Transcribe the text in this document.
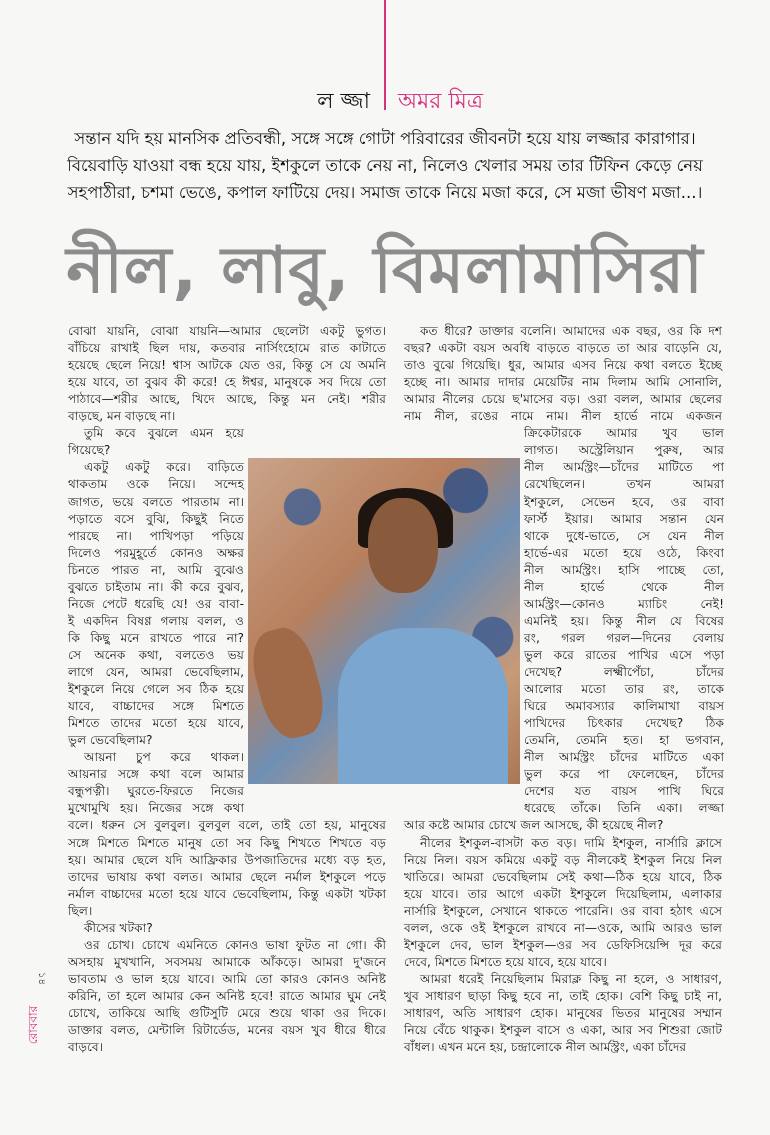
ল জ্জা অমর মিত্র
সন্তান যদি হয় মানসিক প্রতিবন্ধী, সঙ্গে সঙ্গে গোটা পরিবারের জীবনটা হয়ে যায় লজ্জার কারাগার।
বিয়েবাড়ি যাওয়া বন্ধ হয়ে যায়, ইশকুলে তাকে নেয় না, নিলেও খেলার সময় তার টিফিন কেড়ে নেয়
সহপাঠীরা, চশমা ভেঙে, কপাল ফাটিয়ে দেয়। সমাজ তাকে নিয়ে মজা করে, সে মজা ভীষণ মজা...।
নীল, লাবু, বিমলামাসিরা
বোঝা যায়নি, বোঝা যায়নি—আমার ছেলেটা একটু ভুগত।
বাঁচিয়ে রাখাই ছিল দায়, কতবার নার্সিংহোমে রাত কাটাতে
হয়েছে ছেলে নিয়ে! শ্বাস আটকে যেত ওর, কিন্তু সে যে অমনি
হয়ে যাবে, তা বুঝব কী করে! হে ঈশ্বর, মানুষকে সব দিয়ে তো
পাঠাবে—শরীর আছে, খিদে আছে, কিন্তু মন নেই। শরীর
বাড়ছে, মন বাড়ছে না।
তুমি কবে বুঝলে এমন হয়ে
গিয়েছে?
একটু একটু করে। বাড়িতে
থাকতাম ওকে নিয়ে। সন্দেহ
জাগত, ভয়ে বলতে পারতাম না।
পড়াতে বসে বুঝি, কিছুই নিতে
পারছে না। পাখিপড়া পড়িয়ে
দিলেও পরমুহূর্তে কোনও অক্ষর
চিনতে পারত না, আমি বুঝেও
বুঝতে চাইতাম না। কী করে বুঝব,
নিজে পেটে ধরেছি যে! ওর বাবা-
ই একদিন বিষণ্ণ গলায় বলল, ও
কি কিছু মনে রাখতে পারে না?
সে অনেক কথা, বলতেও ভয়
লাগে যেন, আমরা ভেবেছিলাম,
ইশকুলে নিয়ে গেলে সব ঠিক হয়ে
যাবে, বাচ্চাদের সঙ্গে মিশতে
মিশতে তাদের মতো হয়ে যাবে,
ভুল ভেবেছিলাম?
আয়না চুপ করে থাকল।
আয়নার সঙ্গে কথা বলে আমার
বন্ধুপত্নী। ঘুরতে-ফিরতে নিজের
মুখোমুখি হয়। নিজের সঙ্গে কথা
বলে। ধরুন সে বুলবুল। বুলবুল বলে, তাই তো হয়, মানুষের
সঙ্গে মিশতে মিশতে মানুষ তো সব কিছু শিখতে শিখতে বড়
হয়। আমার ছেলে যদি আফ্রিকার উপজাতিদের মধ্যে বড় হত,
তাদের ভাষায় কথা বলত। আমার ছেলে নর্মাল ইশকুলে পড়ে
নর্মাল বাচ্চাদের মতো হয়ে যাবে ভেবেছিলাম, কিন্তু একটা খটকা
ছিল।
কীসের খটকা?
ওর চোখ। চোখে এমনিতে কোনও ভাষা ফুটত না গো। কী
অসহায় মুখখানি, সবসময় আমাকে আঁকড়ে। আমরা দু'জনে
ভাবতাম ও ভাল হয়ে যাবে। আমি তো কারও কোনও অনিষ্ট
করিনি, তা হলে আমার কেন অনিষ্ট হবে! রাতে আমার ঘুম নেই
চোখে, তাকিয়ে আছি গুটিসুটি মেরে শুয়ে থাকা ওর দিকে।
ডাক্তার বলত, মেন্টালি রিটার্ডেড, মনের বয়স খুব ধীরে ধীরে
বাড়বে।
কত ধীরে? ডাক্তার বলেনি। আমাদের এক বছর, ওর কি দশ
বছর? একটা বয়স অবধি বাড়তে বাড়তে তা আর বাড়েনি যে,
তাও বুঝে গিয়েছি। ধুর, আমার এসব নিয়ে কথা বলতে ইচ্ছে
হচ্ছে না। আমার দাদার মেয়েটির নাম দিলাম আমি সোনালি,
আমার নীলের চেয়ে ছ'মাসের বড়। ওরা বলল, আমার ছেলের
নাম নীল, রঙের নামে নাম। নীল হার্ভে নামে একজন
ক্রিকেটারকে আমার খুব ভাল
লাগত। অস্ট্রেলিয়ান পুরুষ, আর
নীল আর্মস্ট্রং—চাঁদের মাটিতে পা
রেখেছিলেন। তখন আমরা
ইশকুলে, সেভেন হবে, ওর বাবা
ফার্স্ট ইয়ার। আমার সন্তান যেন
থাকে দুধে-ভাতে, সে যেন নীল
হার্ভে-এর মতো হয়ে ওঠে, কিংবা
নীল আর্মস্ট্রং। হাসি পাচ্ছে তো,
নীল হার্ভে থেকে নীল
আর্মস্ট্রং—কোনও ম্যাচিং নেই!
এমনিই হয়। কিন্তু নীল যে বিষের
রং, গরল গরল—দিনের বেলায়
ভুল করে রাতের পাখির এসে পড়া
দেখেছ? লক্ষ্মীপেঁচা, চাঁদের
আলোর মতো তার রং, তাকে
ঘিরে অমাবস্যার কালিমাখা বায়স
পাখিদের চিৎকার দেখেছ? ঠিক
তেমনি, তেমনি হত। হা ভগবান,
নীল আর্মস্ট্রং চাঁদের মাটিতে একা
ভুল করে পা ফেলেছেন, চাঁদের
দেশের যত বায়স পাখি ঘিরে
ধরেছে তাঁকে। তিনি একা। লজ্জা
আর কষ্টে আমার চোখে জল আসছে, কী হয়েছে নীল?
নীলের ইশকুল-বাসটা কত বড়। দামি ইশকুল, নার্সারি ক্লাসে
নিয়ে নিল। বয়স কমিয়ে একটু বড় নীলকেই ইশকুল নিয়ে নিল
খাতিরে। আমরা ভেবেছিলাম সেই কথা—ঠিক হয়ে যাবে, ঠিক
হয়ে যাবে। তার আগে একটা ইশকুলে দিয়েছিলাম, এলাকার
নার্সারি ইশকুলে, সেখানে থাকতে পারেনি। ওর বাবা হঠাৎ এসে
বলল, ওকে ওই ইশকুলে রাখবে না—ওকে, আমি আরও ভাল
ইশকুলে দেব, ভাল ইশকুল—ওর সব ডেফিসিয়েন্সি দূর করে
দেবে, মিশতে মিশতে হয়ে যাবে, হয়ে যাবে।
আমরা ধরেই নিয়েছিলাম মিরাক্ল কিছু না হলে, ও সাধারণ,
খুব সাধারণ ছাড়া কিছু হবে না, তাই হোক। বেশি কিছু চাই না,
সাধারণ, অতি সাধারণ হোক। মানুষের ভিতর মানুষের সম্মান
নিয়ে বেঁচে থাকুক। ইশকুল বাসে ও একা, আর সব শিশুরা জোট
বাঁধল। এখন মনে হয়, চন্দ্রালোকে নীল আর্মস্ট্রং, একা চাঁদের
১৪
রোববার
